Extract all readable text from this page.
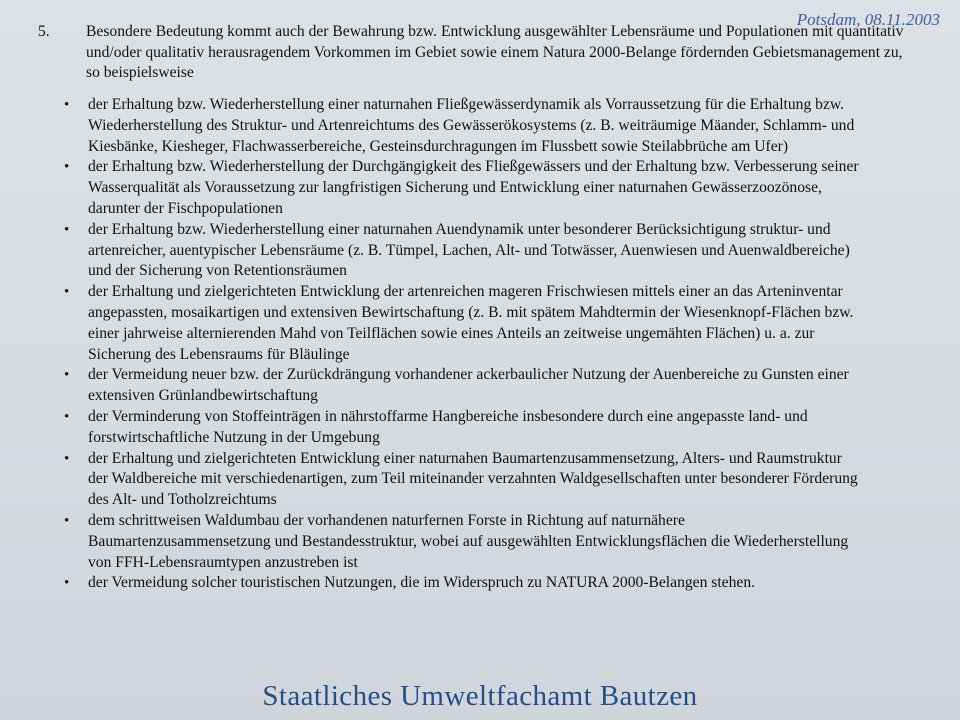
Potsdam, 08.11.2003
5. Besondere Bedeutung kommt auch der Bewahrung bzw. Entwicklung ausgewählter Lebensräume und Populationen mit quantitativ und/oder qualitativ herausragendem Vorkommen im Gebiet sowie einem Natura 2000-Belange fördernden Gebietsmanagement zu, so beispielsweise
• der Erhaltung bzw. Wiederherstellung einer naturnahen Fließgewässerdynamik als Vorraussetzung für die Erhaltung bzw. Wiederherstellung des Struktur- und Artenreichtums des Gewässerökosystems (z. B. weiträumige Mäander, Schlamm- und Kiesbänke, Kiesheger, Flachwasserbereiche, Gesteinsdurchragungen im Flussbett sowie Steilabbrüche am Ufer)
• der Erhaltung bzw. Wiederherstellung der Durchgängigkeit des Fließgewässers und der Erhaltung bzw. Verbesserung seiner Wasserqualität als Voraussetzung zur langfristigen Sicherung und Entwicklung einer naturnahen Gewässerzoozönose, darunter der Fischpopulationen
• der Erhaltung bzw. Wiederherstellung einer naturnahen Auendynamik unter besonderer Berücksichtigung struktur- und artenreicher, auentypischer Lebensräume (z. B. Tümpel, Lachen, Alt- und Totwässer, Auenwiesen und Auenwaldbereiche) und der Sicherung von Retentionsräumen
• der Erhaltung und zielgerichteten Entwicklung der artenreichen mageren Frischwiesen mittels einer an das Arteninventar angepassten, mosaikartigen und extensiven Bewirtschaftung (z. B. mit spätem Mahdtermin der Wiesenknopf-Flächen bzw. einer jahrweise alternierenden Mahd von Teilflächen sowie eines Anteils an zeitweise ungemähten Flächen) u. a. zur Sicherung des Lebensraums für Bläulinge
• der Vermeidung neuer bzw. der Zurückdrängung vorhandener ackerbaulicher Nutzung der Auenbereiche zu Gunsten einer extensiven Grünlandbewirtschaftung
• der Verminderung von Stoffeinträgen in nährstoffarme Hangbereiche insbesondere durch eine angepasste land- und forstwirtschaftliche Nutzung in der Umgebung
• der Erhaltung und zielgerichteten Entwicklung einer naturnahen Baumartenzusammensetzung, Alters- und Raumstruktur der Waldbereiche mit verschiedenartigen, zum Teil miteinander verzahnten Waldgesellschaften unter besonderer Förderung des Alt- und Totholzreichtums
• dem schrittweisen Waldumbau der vorhandenen naturfernen Forste in Richtung auf naturnähere Baumartenzusammensetzung und Bestandesstruktur, wobei auf ausgewählten Entwicklungsflächen die Wiederherstellung von FFH-Lebensraumtypen anzustreben ist
• der Vermeidung solcher touristischen Nutzungen, die im Widerspruch zu NATURA 2000-Belangen stehen.
Staatliches Umweltfachamt Bautzen
